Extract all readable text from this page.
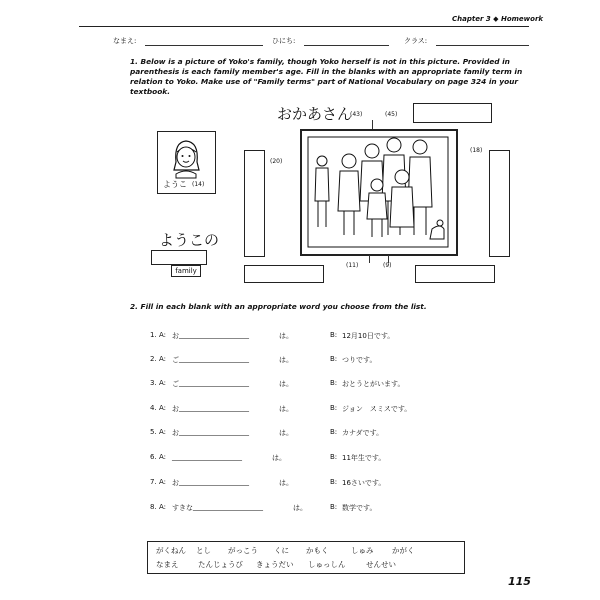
Chapter 3 ◆ Homework
なまえ:	ひにち:	クラス:
1. Below is a picture of Yoko's family, though Yoko herself is not in this picture. Provided in parenthesis is each family member's age. Fill in the blanks with an appropriate family term in relation to Yoko. Make use of "Family terms" part of National Vocabulary on page 324 in your textbook.
おかあさん
(43)	(45)
ようこ (14)
(20)
(18)
(11)	(9)
ようこの
family
2. Fill in each blank with an appropriate word you choose from the list.
1. A: お ____________________	は。	B: 12月10日です。
2. A: ご ____________________	は。	B: つりです。
3. A: ご ____________________	は。	B: おとうとがいます。
4. A: お ____________________	は。	B: ジョン　スミスです。
5. A: お ____________________	は。	B: カナダです。
6. A: ____________________	は。	B: 11年生です。
7. A: お ____________________	は。	B: 16さいです。
8. A: すきな ____________________	は。	B: 数学です。
がくねん とし がっこう くに かもく	しゅみ かがく
なまえ	たんじょうび きょうだい しゅっしん	せんせい
115
